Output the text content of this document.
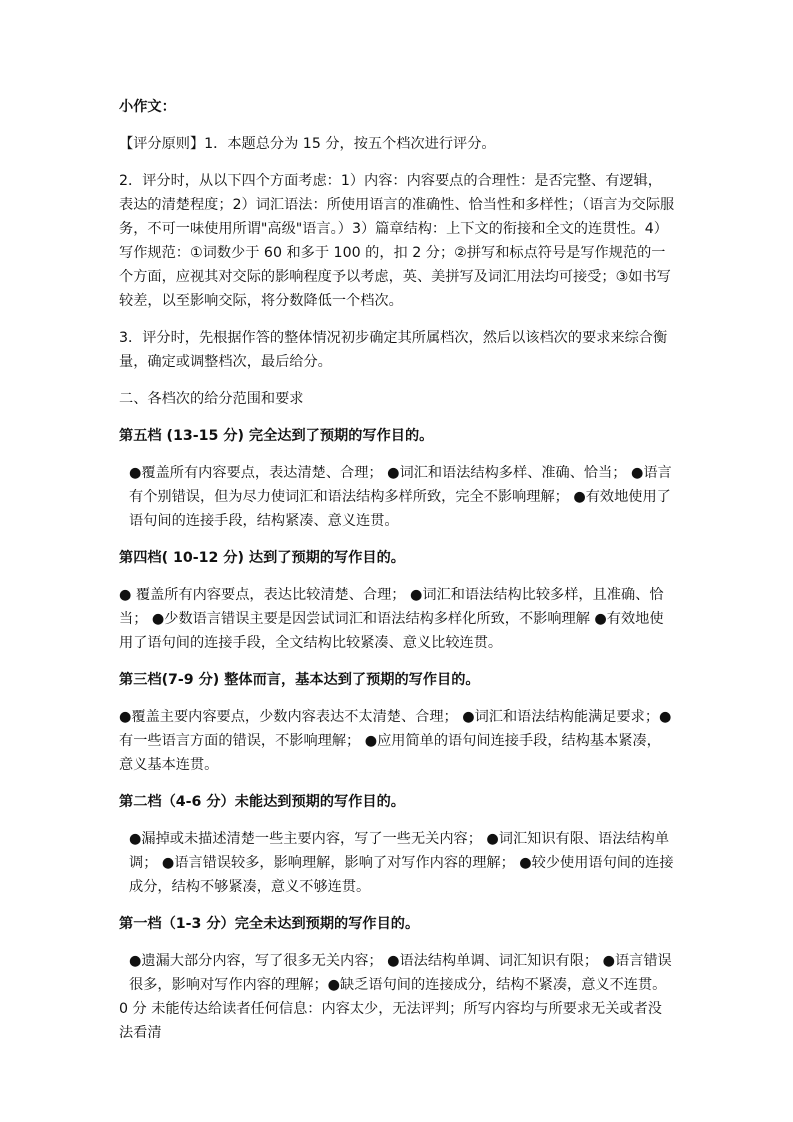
小作文：

【评分原则】1．本题总分为 15 分，按五个档次进行评分。

2．评分时，从以下四个方面考虑：1）内容：内容要点的合理性：是否完整、有逻辑，表达的清楚程度；2）词汇语法：所使用语言的准确性、恰当性和多样性；（语言为交际服务，不可一味使用所谓"高级"语言。）3）篇章结构：上下文的衔接和全文的连贯性。4）写作规范：①词数少于 60 和多于 100 的，扣 2 分；②拼写和标点符号是写作规范的一个方面，应视其对交际的影响程度予以考虑，英、美拼写及词汇用法均可接受；③如书写较差，以至影响交际，将分数降低一个档次。

3．评分时，先根据作答的整体情况初步确定其所属档次，然后以该档次的要求来综合衡量，确定或调整档次，最后给分。

二、各档次的给分范围和要求

第五档 (13-15 分) 完全达到了预期的写作目的。

●覆盖所有内容要点，表达清楚、合理； ●词汇和语法结构多样、准确、恰当； ●语言有个别错误，但为尽力使词汇和语法结构多样所致，完全不影响理解； ●有效地使用了语句间的连接手段，结构紧凑、意义连贯。

第四档( 10-12 分) 达到了预期的写作目的。

● 覆盖所有内容要点，表达比较清楚、合理； ●词汇和语法结构比较多样，且准确、恰当； ●少数语言错误主要是因尝试词汇和语法结构多样化所致，不影响理解 ●有效地使用了语句间的连接手段，全文结构比较紧凑、意义比较连贯。

第三档(7-9 分) 整体而言，基本达到了预期的写作目的。

●覆盖主要内容要点，少数内容表达不太清楚、合理； ●词汇和语法结构能满足要求；●有一些语言方面的错误，不影响理解； ●应用简单的语句间连接手段，结构基本紧凑，意义基本连贯。

第二档（4-6 分）未能达到预期的写作目的。

●漏掉或未描述清楚一些主要内容，写了一些无关内容； ●词汇知识有限、语法结构单调； ●语言错误较多，影响理解，影响了对写作内容的理解； ●较少使用语句间的连接成分，结构不够紧凑，意义不够连贯。

第一档（1-3 分）完全未达到预期的写作目的。

●遗漏大部分内容，写了很多无关内容； ●语法结构单调、词汇知识有限； ●语言错误很多，影响对写作内容的理解；●缺乏语句间的连接成分，结构不紧凑，意义不连贯。

0 分 未能传达给读者任何信息：内容太少，无法评判；所写内容均与所要求无关或者没法看清
